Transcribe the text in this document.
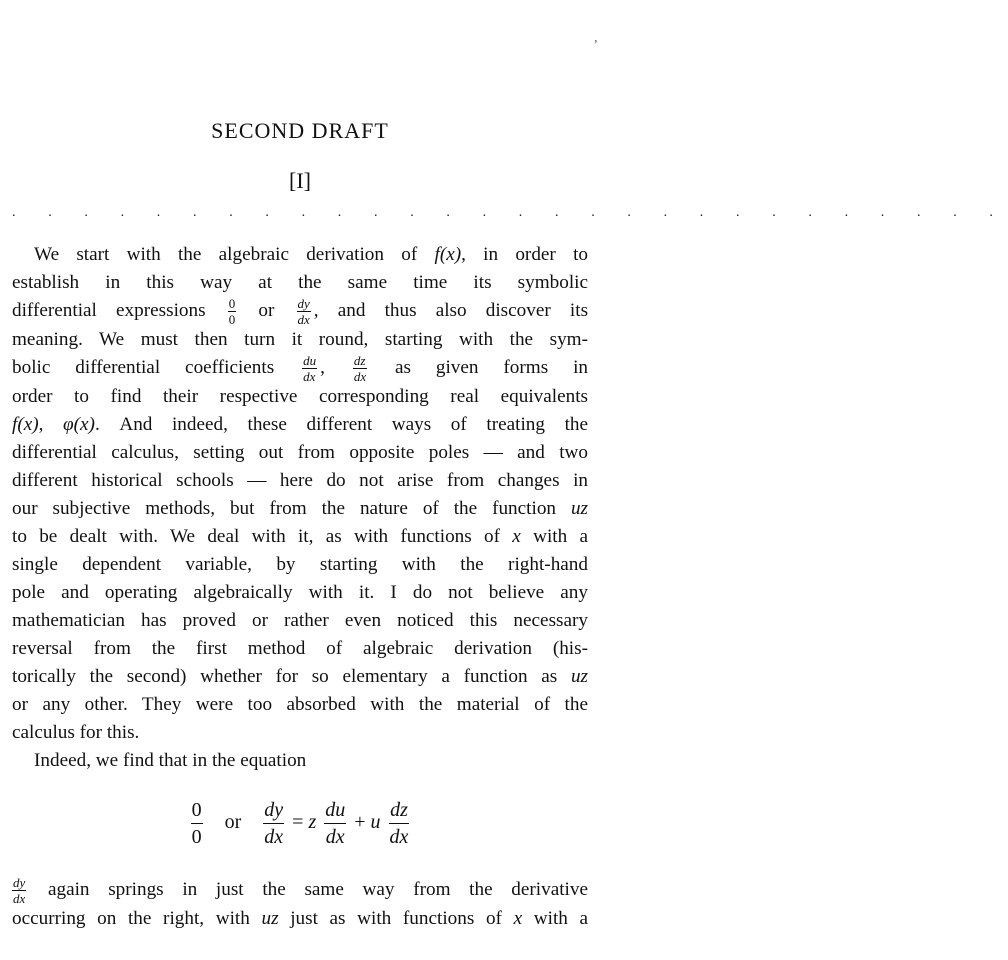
’
SECOND DRAFT
[I]
. . . . . . . . . . . . . . . . . . . . . . . . . . . .
We start with the algebraic derivation of f(x), in order to
establish in this way at the same time its symbolic
differential expressions $\frac{0}{0}$ or $\frac{dy}{dx}$ , and thus also discover its
meaning. We must then turn it round, starting with the sym-
bolic differential coefficients $\frac{du}{dx}$ , $\frac{dz}{dx}$ as given forms in
order to find their respective corresponding real equivalents
f(x), φ(x). And indeed, these different ways of treating the
differential calculus, setting out from opposite poles — and two
different historical schools — here do not arise from changes in
our subjective methods, but from the nature of the function uz
to be dealt with. We deal with it, as with functions of x with a
single dependent variable, by starting with the right-hand
pole and operating algebraically with it. I do not believe any
mathematician has proved or rather even noticed this necessary
reversal from the first method of algebraic derivation (his-
torically the second) whether for so elementary a function as uz
or any other. They were too absorbed with the material of the
calculus for this.
Indeed, we find that in the equation
$\frac{0}{0}$ or $\frac{dy}{dx} = z \frac{du}{dx} + u \frac{dz}{dx}$
$\frac{dy}{dx}$ again springs in just the same way from the derivative
occurring on the right, with uz just as with functions of x with a
